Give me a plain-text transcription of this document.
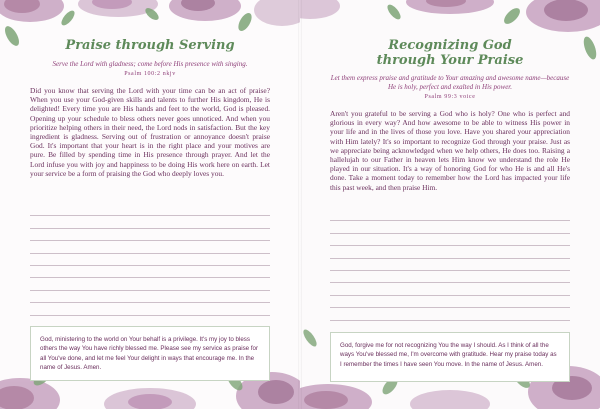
Praise through Serving
Serve the Lord with gladness; come before His presence with singing.
Psalm 100:2 nkjv
Did you know that serving the Lord with your time can be an act of praise? When you use your God-given skills and talents to further His kingdom, He is delighted! Every time you are His hands and feet to the world, God is pleased. Opening up your schedule to bless others never goes unnoticed. And when you prioritize helping others in their need, the Lord nods in satisfaction. But the key ingredient is gladness. Serving out of frustration or annoyance doesn't praise God. It's important that your heart is in the right place and your motives are pure. Be filled by spending time in His presence through prayer. And let the Lord infuse you with joy and happiness to be doing His work here on earth. Let your service be a form of praising the God who deeply loves you.
God, ministering to the world on Your behalf is a privilege. It's my joy to bless others the way You have richly blessed me. Please see my service as praise for all You've done, and let me feel Your delight in ways that encourage me. In the name of Jesus. Amen.
Recognizing God
through Your Praise
Let them express praise and gratitude to Your amazing and awesome name—because He is holy, perfect and exalted in His power.
Psalm 99:3 voice
Aren't you grateful to be serving a God who is holy? One who is perfect and glorious in every way? And how awesome to be able to witness His power in your life and in the lives of those you love. Have you shared your appreciation with Him lately? It's so important to recognize God through your praise. Just as we appreciate being acknowledged when we help others, He does too. Raising a hallelujah to our Father in heaven lets Him know we understand the role He played in our situation. It's a way of honoring God for who He is and all He's done. Take a moment today to remember how the Lord has impacted your life this past week, and then praise Him.
God, forgive me for not recognizing You the way I should. As I think of all the ways You've blessed me, I'm overcome with gratitude. Hear my praise today as I remember the times I have seen You move. In the name of Jesus. Amen.
